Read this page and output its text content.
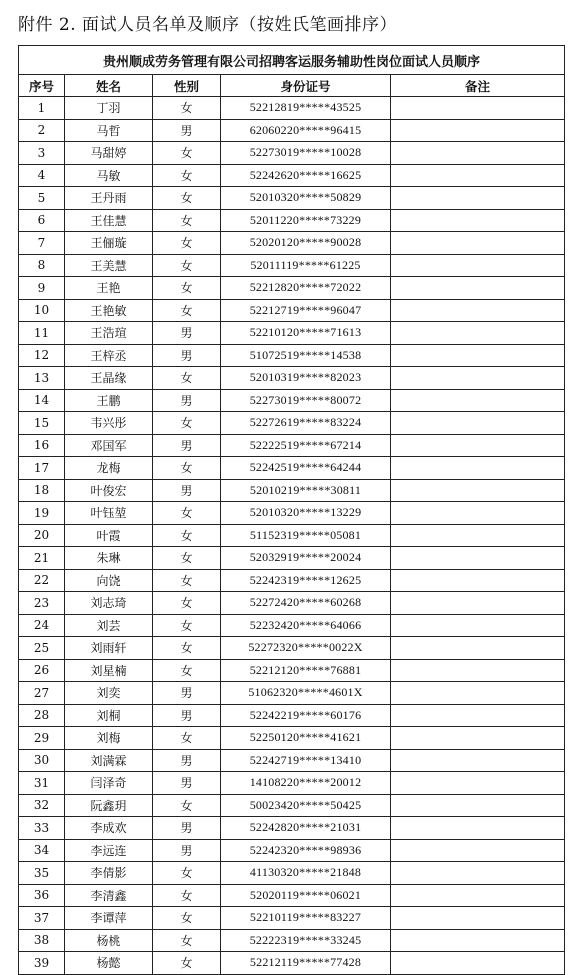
附件 2. 面试人员名单及顺序（按姓氏笔画排序）
贵州顺成劳务管理有限公司招聘客运服务辅助性岗位面试人员顺序				
序号	姓名	性别	身份证号	备注
1	丁羽	女	52212819*****43525	
2	马哲	男	62060220*****96415	
3	马甜婷	女	52273019*****10028	
4	马敏	女	52242620*****16625	
5	王丹雨	女	52010320*****50829	
6	王佳慧	女	52011220*****73229	
7	王俪璇	女	52020120*****90028	
8	王美慧	女	52011119*****61225	
9	王艳	女	52212820*****72022	
10	王艳敏	女	52212719*****96047	
11	王浩瑄	男	52210120*****71613	
12	王梓丞	男	51072519*****14538	
13	王晶缘	女	52010319*****82023	
14	王鹏	男	52273019*****80072	
15	韦兴彤	女	52272619*****83224	
16	邓国军	男	52222519*****67214	
17	龙梅	女	52242519*****64244	
18	叶俊宏	男	52010219*****30811	
19	叶钰堃	女	52010320*****13229	
20	叶霞	女	51152319*****05081	
21	朱琳	女	52032919*****20024	
22	向饶	女	52242319*****12625	
23	刘志琦	女	52272420*****60268	
24	刘芸	女	52232420*****64066	
25	刘雨轩	女	52272320*****0022X	
26	刘星楠	女	52212120*****76881	
27	刘奕	男	51062320*****4601X	
28	刘桐	男	52242219*****60176	
29	刘梅	女	52250120*****41621	
30	刘满霖	男	52242719*****13410	
31	闫泽奇	男	14108220*****20012	
32	阮鑫玥	女	50023420*****50425	
33	李成欢	男	52242820*****21031	
34	李远连	男	52242320*****98936	
35	李倩影	女	41130320*****21848	
36	李清鑫	女	52020119*****06021	
37	李谭萍	女	52210119*****83227	
38	杨桃	女	52222319*****33245	
39	杨懿	女	52212119*****77428	
